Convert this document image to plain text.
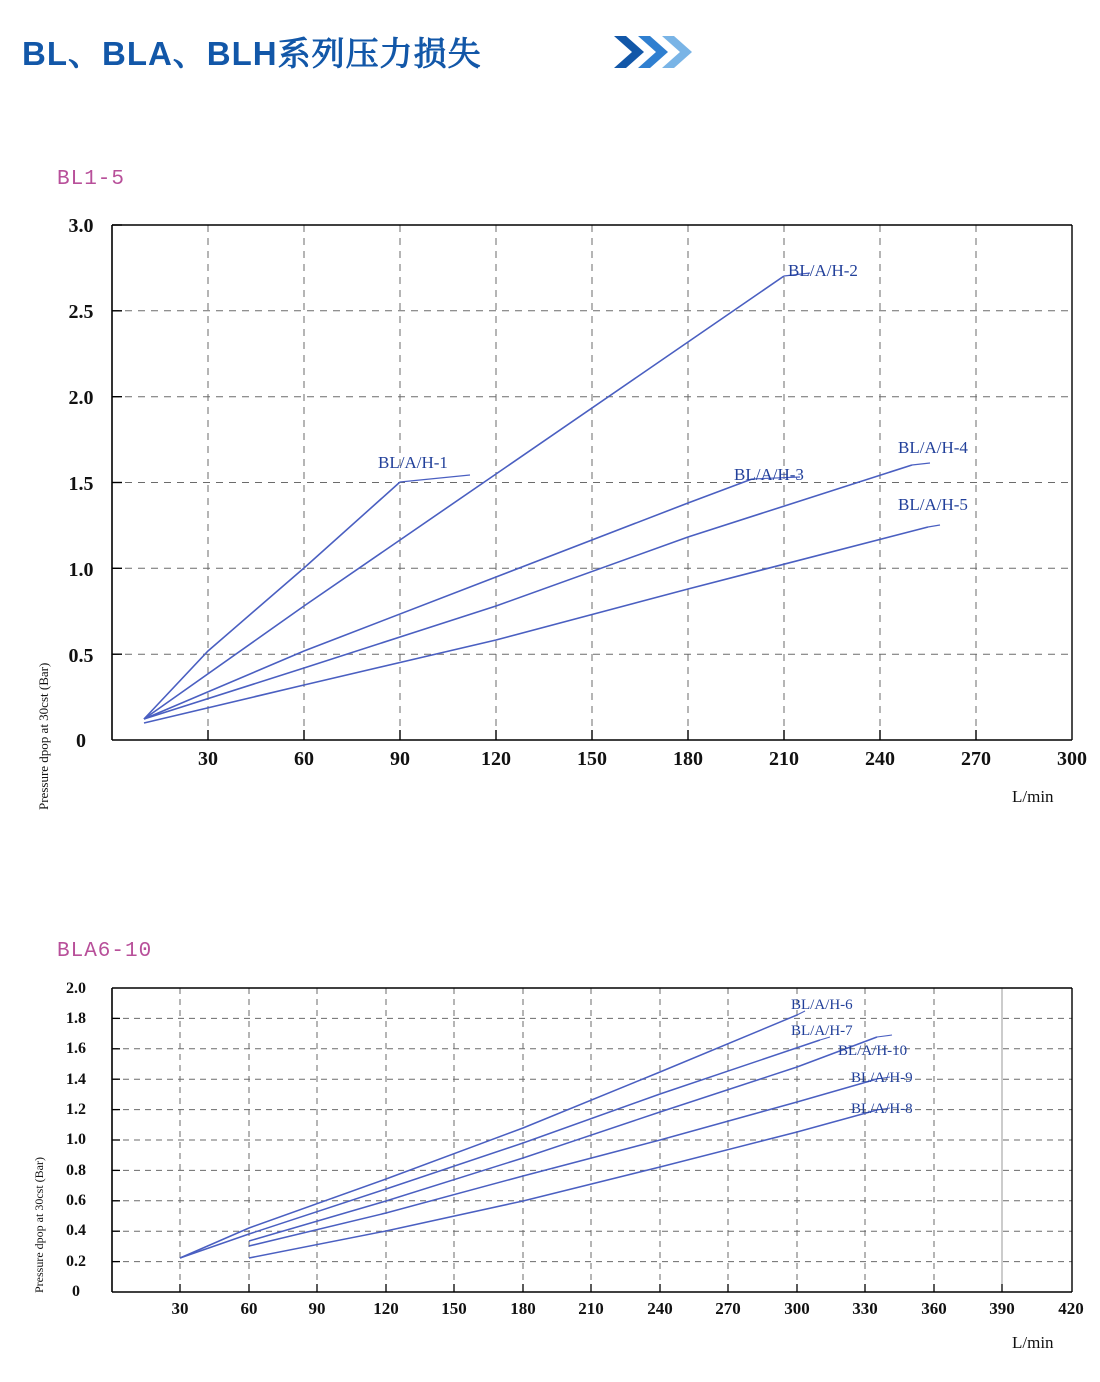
BL、BLA、BLH系列压力损失
BL1-5
Pressure dpop at 30cst (Bar)
3.0
2.5
2.0
1.5
1.0
0.5
0
30	60	90	120	150	180	210	240	270	300
L/min
BL/A/H-1
BL/A/H-2
BL/A/H-3
BL/A/H-4
BL/A/H-5
BLA6-10
Pressure dpop at 30cst (Bar)
2.0
1.8
1.6
1.4
1.2
1.0
0.8
0.6
0.4
0.2
0
30	60	90	120	150	180	210	240	270	300	330	360	390	420
L/min
BL/A/H-6
BL/A/H-7
BL/A/H-10
BL/A/H-9
BL/A/H-8
